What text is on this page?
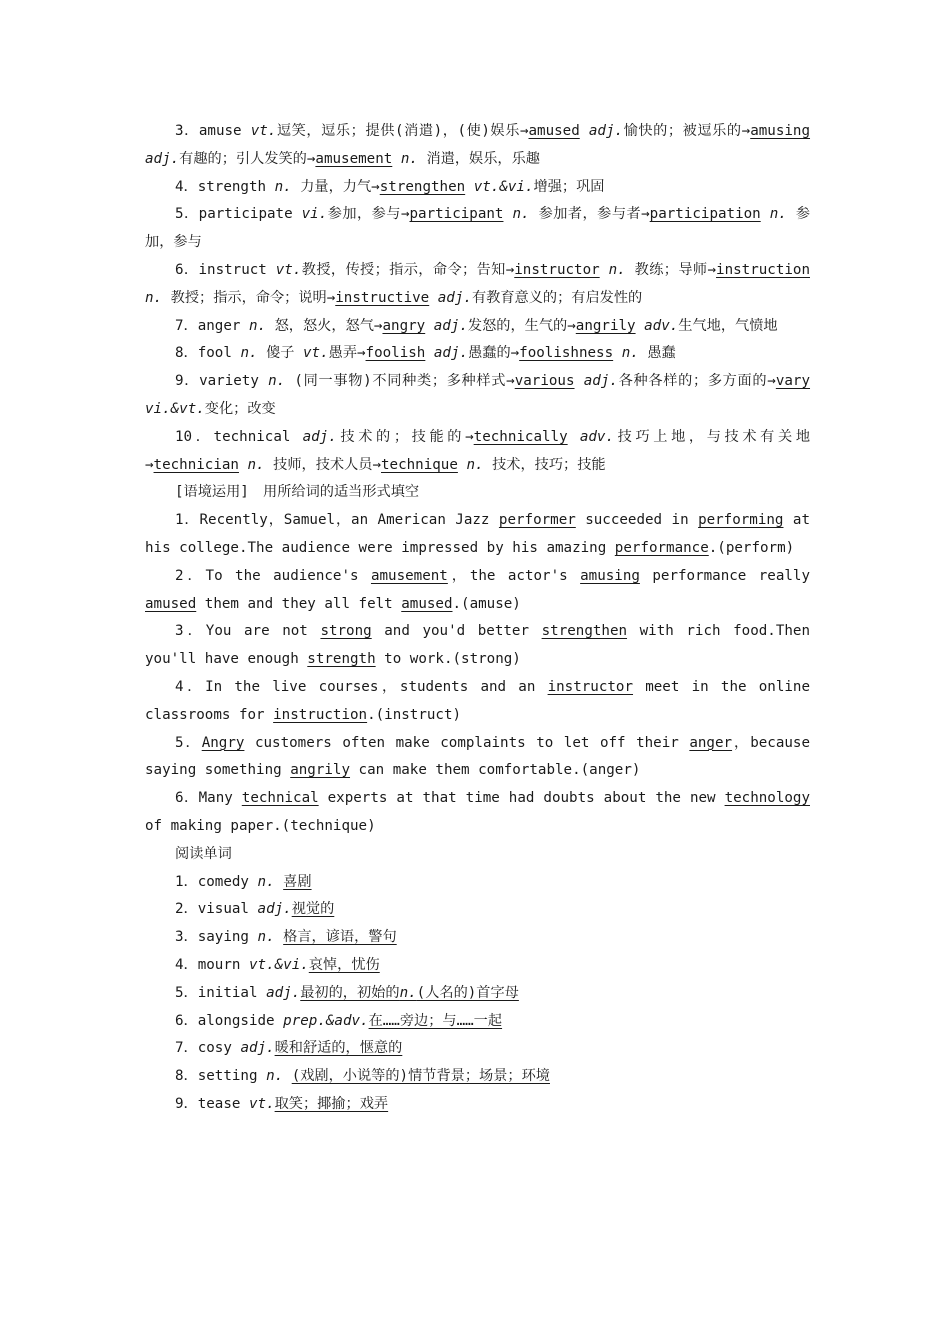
3．amuse vt.逗笑，逗乐；提供(消遣)，(使)娱乐→amused adj.愉快的；被逗乐的→amusing adj.有趣的；引人发笑的→amusement n. 消遣，娱乐，乐趣

4．strength n. 力量，力气→strengthen vt.&vi.增强；巩固

5．participate vi.参加，参与→participant n. 参加者，参与者→participation n. 参加，参与

6．instruct vt.教授，传授；指示，命令；告知→instructor n. 教练；导师→instruction n. 教授；指示，命令；说明→instructive adj.有教育意义的；有启发性的

7．anger n. 怒，怒火，怒气→angry adj.发怒的，生气的→angrily adv.生气地，气愤地

8．fool n. 傻子 vt.愚弄→foolish adj.愚蠢的→foolishness n. 愚蠢

9．variety n. (同一事物)不同种类；多种样式→various adj.各种各样的；多方面的→vary vi.&vt.变化；改变

10．technical adj.技术的；技能的→technically adv.技巧上地，与技术有关地→technician n. 技师，技术人员→technique n. 技术，技巧；技能

[语境运用]　用所给词的适当形式填空

1．Recently，Samuel，an American Jazz performer succeeded in performing at his college.The audience were impressed by his amazing performance.(perform)

2．To the audience's amusement，the actor's amusing performance really amused them and they all felt amused.(amuse)

3．You are not strong and you'd better strengthen with rich food.Then you'll have enough strength to work.(strong)

4．In the live courses，students and an instructor meet in the online classrooms for instruction.(instruct)

5．Angry customers often make complaints to let off their anger，because saying something angrily can make them comfortable.(anger)

6．Many technical experts at that time had doubts about the new technology of making paper.(technique)

阅读单词

1．comedy n. 喜剧

2．visual adj.视觉的

3．saying n. 格言，谚语，警句

4．mourn vt.&vi.哀悼，忧伤

5．initial adj.最初的，初始的n.(人名的)首字母

6．alongside prep.&adv.在……旁边；与……一起

7．cosy adj.暖和舒适的，惬意的

8．setting n. (戏剧，小说等的)情节背景；场景；环境

9．tease vt.取笑；揶揄；戏弄
